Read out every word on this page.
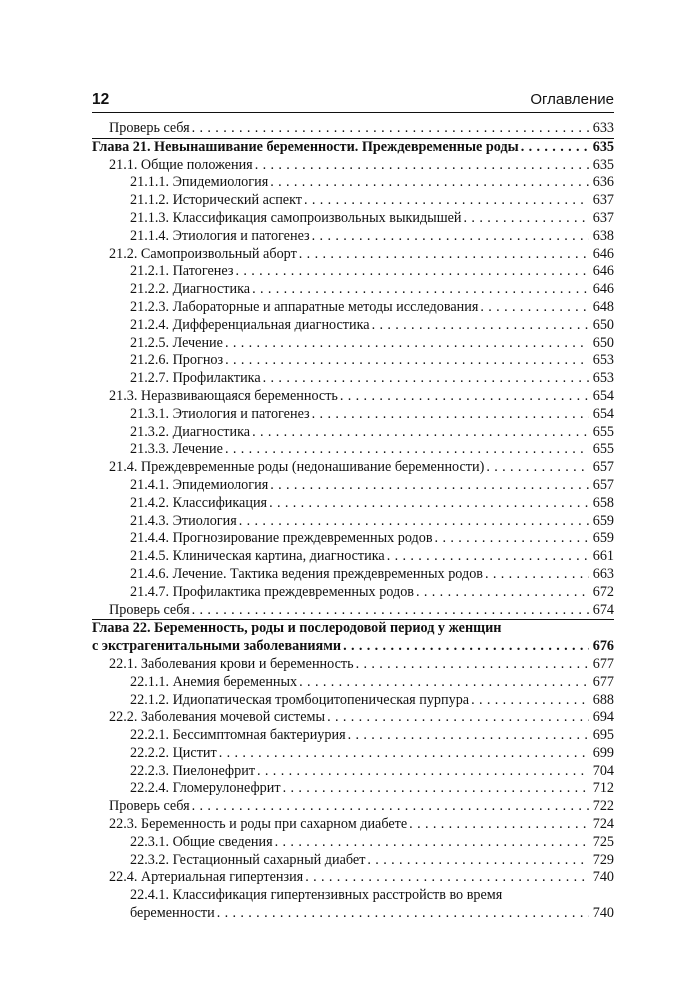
12	Оглавление
Проверь себя . . .	633
Глава 21. Невынашивание беременности. Преждевременные роды . . .	635
21.1. Общие положения . . .	635
21.1.1. Эпидемиология . . .	636
21.1.2. Исторический аспект . . .	637
21.1.3. Классификация самопроизвольных выкидышей . . .	637
21.1.4. Этиология и патогенез . . .	638
21.2. Самопроизвольный аборт . . .	646
21.2.1. Патогенез . . .	646
21.2.2. Диагностика . . .	646
21.2.3. Лабораторные и аппаратные методы исследования . . .	648
21.2.4. Дифференциальная диагностика . . .	650
21.2.5. Лечение . . .	650
21.2.6. Прогноз . . .	653
21.2.7. Профилактика . . .	653
21.3. Неразвивающаяся беременность . . .	654
21.3.1. Этиология и патогенез . . .	654
21.3.2. Диагностика . . .	655
21.3.3. Лечение . . .	655
21.4. Преждевременные роды (недонашивание беременности) . . .	657
21.4.1. Эпидемиология . . .	657
21.4.2. Классификация . . .	658
21.4.3. Этиология . . .	659
21.4.4. Прогнозирование преждевременных родов . . .	659
21.4.5. Клиническая картина, диагностика . . .	661
21.4.6. Лечение. Тактика ведения преждевременных родов . . .	663
21.4.7. Профилактика преждевременных родов . . .	672
Проверь себя . . .	674
Глава 22. Беременность, роды и послеродовой период у женщин
с экстрагенитальными заболеваниями . . .	676
22.1. Заболевания крови и беременность . . .	677
22.1.1. Анемия беременных . . .	677
22.1.2. Идиопатическая тромбоцитопеническая пурпура . . .	688
22.2. Заболевания мочевой системы . . .	694
22.2.1. Бессимптомная бактериурия . . .	695
22.2.2. Цистит . . .	699
22.2.3. Пиелонефрит . . .	704
22.2.4. Гломерулонефрит . . .	712
Проверь себя . . .	722
22.3. Беременность и роды при сахарном диабете . . .	724
22.3.1. Общие сведения . . .	725
22.3.2. Гестационный сахарный диабет . . .	729
22.4. Артериальная гипертензия . . .	740
22.4.1. Классификация гипертензивных расстройств во время
беременности . . .	740
